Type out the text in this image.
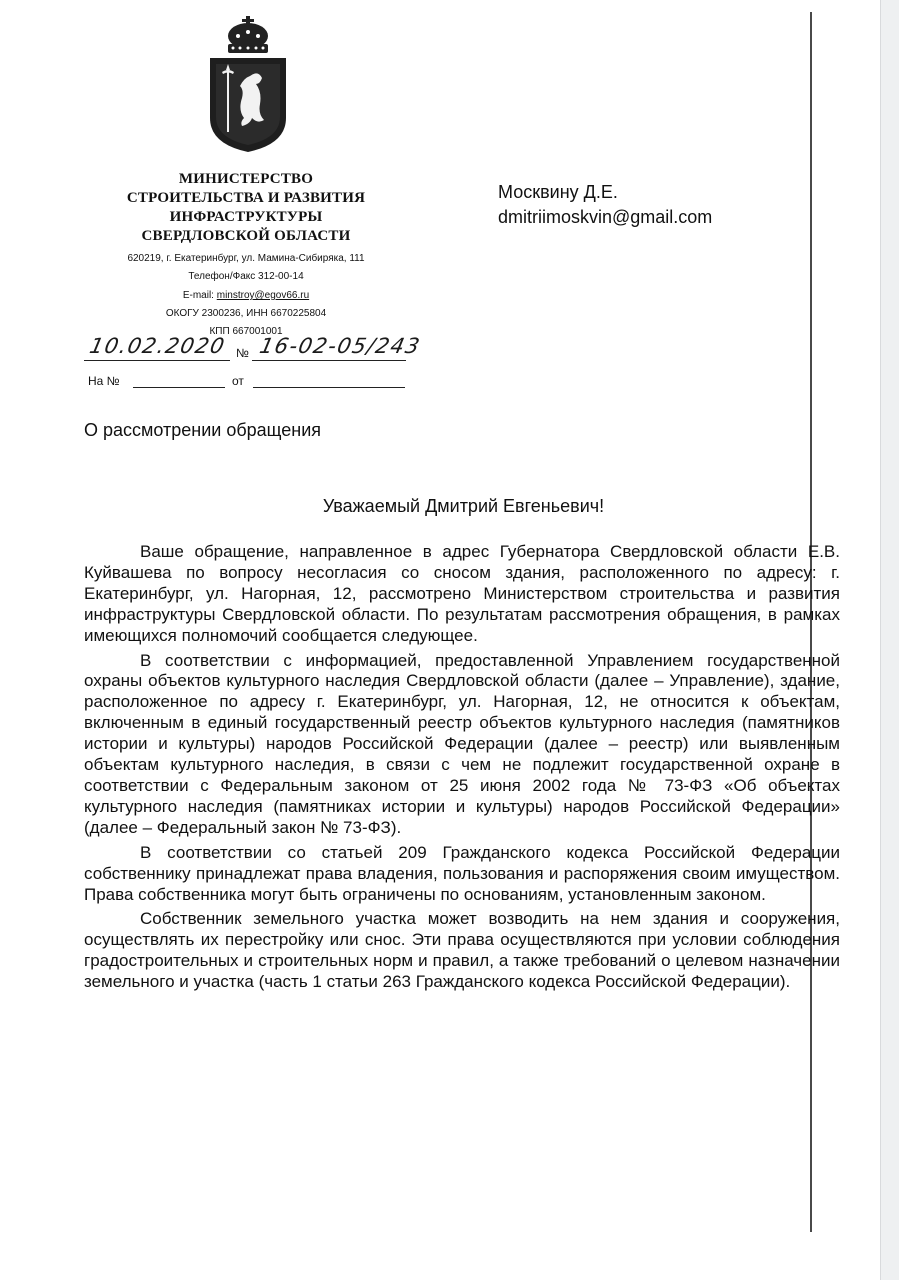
МИНИСТЕРСТВО
СТРОИТЕЛЬСТВА И РАЗВИТИЯ
ИНФРАСТРУКТУРЫ
СВЕРДЛОВСКОЙ ОБЛАСТИ
620219, г. Екатеринбург, ул. Мамина-Сибиряка, 111
Телефон/Факс 312-00-14
E-mail: minstroy@egov66.ru
ОКОГУ 2300236, ИНН 6670225804
КПП 667001001
10.02.2020 № 16-02-05/243
На №	от
Москвину Д.Е.
dmitriimoskvin@gmail.com
О рассмотрении обращения
Уважаемый Дмитрий Евгеньевич!

Ваше обращение, направленное в адрес Губернатора Свердловской области Е.В. Куйвашева по вопросу несогласия со сносом здания, расположенного по адресу: г. Екатеринбург, ул. Нагорная, 12, рассмотрено Министерством строительства и развития инфраструктуры Свердловской области. По результатам рассмотрения обращения, в рамках имеющихся полномочий сообщается следующее.

В соответствии с информацией, предоставленной Управлением государственной охраны объектов культурного наследия Свердловской области (далее – Управление), здание, расположенное по адресу г. Екатеринбург, ул. Нагорная, 12, не относится к объектам, включенным в единый государственный реестр объектов культурного наследия (памятников истории и культуры) народов Российской Федерации (далее – реестр) или выявленным объектам культурного наследия, в связи с чем не подлежит государственной охране в соответствии с Федеральным законом от 25 июня 2002 года № 73-ФЗ «Об объектах культурного наследия (памятниках истории и культуры) народов Российской Федерации» (далее – Федеральный закон № 73-ФЗ).

В соответствии со статьей 209 Гражданского кодекса Российской Федерации собственнику принадлежат права владения, пользования и распоряжения своим имуществом. Права собственника могут быть ограничены по основаниям, установленным законом.

Собственник земельного участка может возводить на нем здания и сооружения, осуществлять их перестройку или снос. Эти права осуществляются при условии соблюдения градостроительных и строительных норм и правил, а также требований о целевом назначении земельного и участка (часть 1 статьи 263 Гражданского кодекса Российской Федерации).
